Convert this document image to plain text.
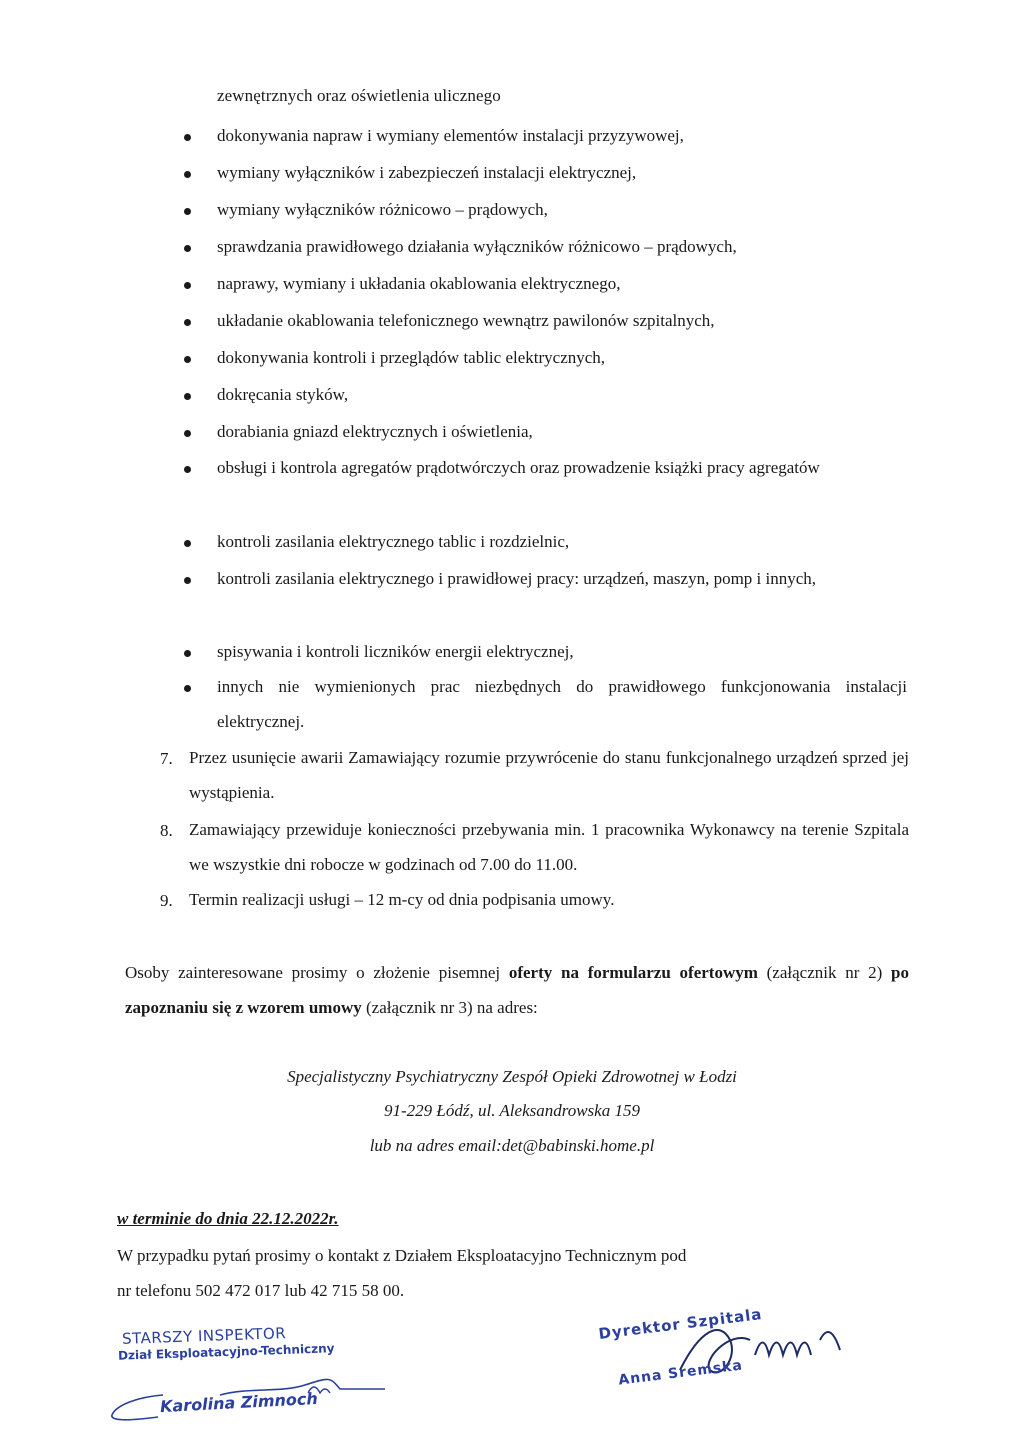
zewnętrznych oraz oświetlenia ulicznego
dokonywania napraw i wymiany elementów instalacji przyzywowej,
wymiany wyłączników i zabezpieczeń instalacji elektrycznej,
wymiany wyłączników różnicowo – prądowych,
sprawdzania prawidłowego działania wyłączników różnicowo – prądowych,
naprawy, wymiany i układania okablowania elektrycznego,
układanie okablowania telefonicznego wewnątrz pawilonów szpitalnych,
dokonywania kontroli i przeglądów tablic elektrycznych,
dokręcania styków,
dorabiania gniazd elektrycznych i oświetlenia,
obsługi i kontrola agregatów prądotwórczych oraz prowadzenie książki pracy agregatów
kontroli zasilania elektrycznego tablic i rozdzielnic,
kontroli zasilania elektrycznego i prawidłowej pracy: urządzeń, maszyn, pomp i innych,
spisywania i kontroli liczników energii elektrycznej,
innych nie wymienionych prac niezbędnych do prawidłowego funkcjonowania instalacji elektrycznej.
7. Przez usunięcie awarii Zamawiający rozumie przywrócenie do stanu funkcjonalnego urządzeń sprzed jej wystąpienia.
8. Zamawiający przewiduje konieczności przebywania min. 1 pracownika Wykonawcy na terenie Szpitala we wszystkie dni robocze w godzinach od 7.00 do 11.00.
9. Termin realizacji usługi – 12 m-cy od dnia podpisania umowy.
Osoby zainteresowane prosimy o złożenie pisemnej oferty na formularzu ofertowym (załącznik nr 2) po zapoznaniu się z wzorem umowy (załącznik nr 3) na adres:
Specjalistyczny Psychiatryczny Zespół Opieki Zdrowotnej w Łodzi
91-229 Łódź, ul. Aleksandrowska 159
lub na adres email:det@babinski.home.pl
w terminie do dnia 22.12.2022r.
W przypadku pytań prosimy o kontakt z Działem Eksploatacyjno Technicznym pod
nr telefonu 502 472 017 lub 42 715 58 00.
STARSZY INSPEKTOR
Dział Eksploatacyjno-Techniczny
Karolina Zimnoch
Dyrektor Szpitala
Anna Sremska
